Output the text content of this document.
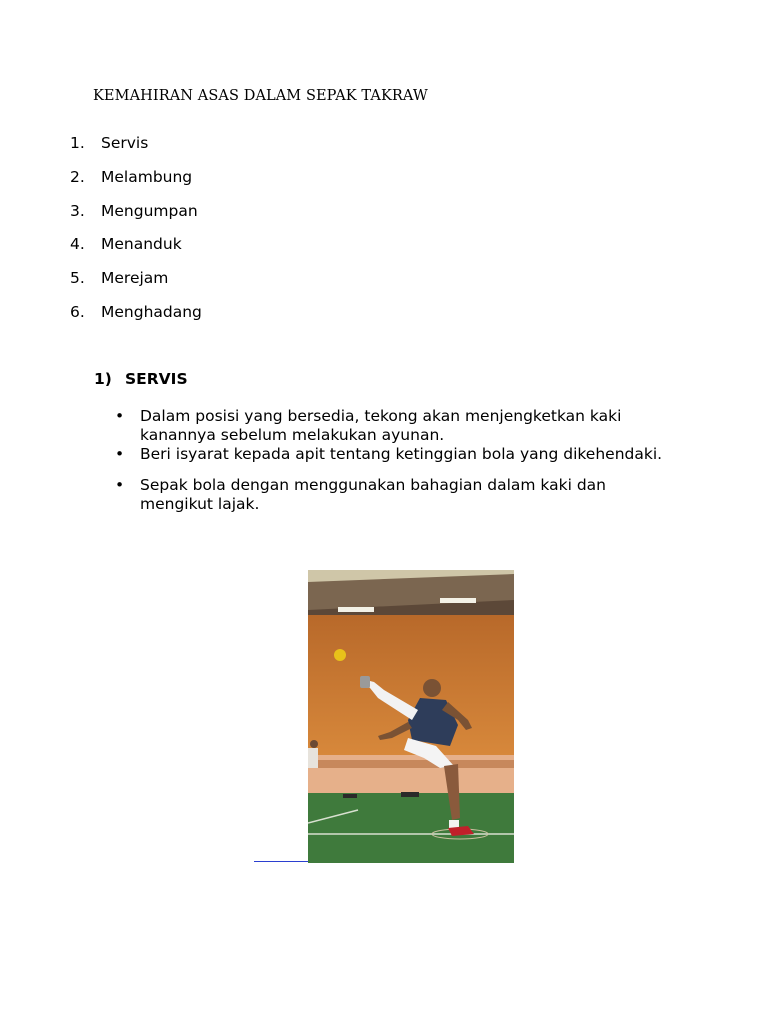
KEMAHIRAN ASAS DALAM SEPAK TAKRAW
1.	Servis
2.	Melambung
3.	Mengumpan
4.	Menanduk
5.	Merejam
6.	Menghadang
1) SERVIS
• Dalam posisi yang bersedia, tekong akan menjengketkan kaki kanannya sebelum melakukan ayunan.
• Beri isyarat kepada apit tentang ketinggian bola yang dikehendaki.
• Sepak bola dengan menggunakan bahagian dalam kaki dan mengikut lajak.
